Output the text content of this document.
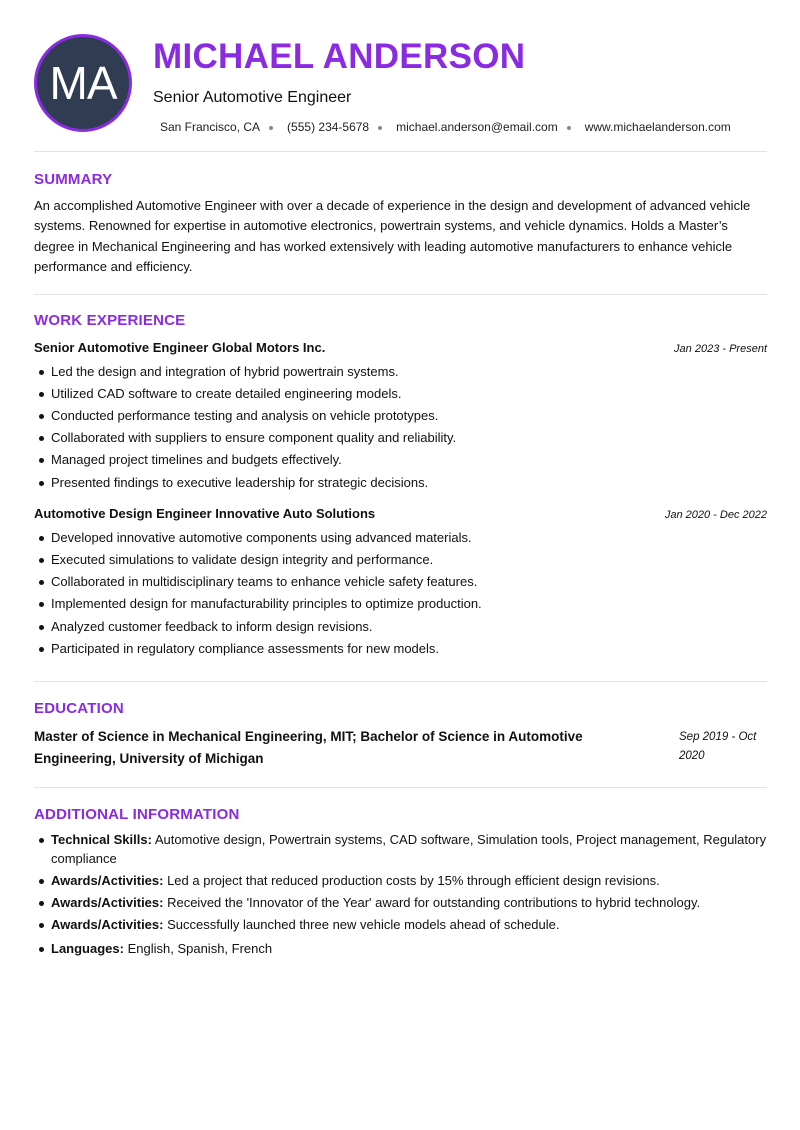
MA
MICHAEL ANDERSON
Senior Automotive Engineer
San Francisco, CA (555) 234-5678 michael.anderson@email.com www.michaelanderson.com
SUMMARY

An accomplished Automotive Engineer with over a decade of experience in the design and development of advanced vehicle systems. Renowned for expertise in automotive electronics, powertrain systems, and vehicle dynamics. Holds a Master’s degree in Mechanical Engineering and has worked extensively with leading automotive manufacturers to enhance vehicle performance and efficiency.

WORK EXPERIENCE
Senior Automotive Engineer Global Motors Inc.	Jan 2023 - Present
Led the design and integration of hybrid powertrain systems.
Utilized CAD software to create detailed engineering models.
Conducted performance testing and analysis on vehicle prototypes.
Collaborated with suppliers to ensure component quality and reliability.
Managed project timelines and budgets effectively.
Presented findings to executive leadership for strategic decisions.
Automotive Design Engineer Innovative Auto Solutions	Jan 2020 - Dec 2022
Developed innovative automotive components using advanced materials.
Executed simulations to validate design integrity and performance.
Collaborated in multidisciplinary teams to enhance vehicle safety features.
Implemented design for manufacturability principles to optimize production.
Analyzed customer feedback to inform design revisions.
Participated in regulatory compliance assessments for new models.
EDUCATION
Master of Science in Mechanical Engineering, MIT; Bachelor of Science in Automotive Engineering, University of Michigan
Sep 2019 - Oct 2020
ADDITIONAL INFORMATION
Technical Skills: Automotive design, Powertrain systems, CAD software, Simulation tools, Project management, Regulatory compliance
Awards/Activities: Led a project that reduced production costs by 15% through efficient design revisions.
Awards/Activities: Received the 'Innovator of the Year' award for outstanding contributions to hybrid technology.
Awards/Activities: Successfully launched three new vehicle models ahead of schedule.
Languages: English, Spanish, French
